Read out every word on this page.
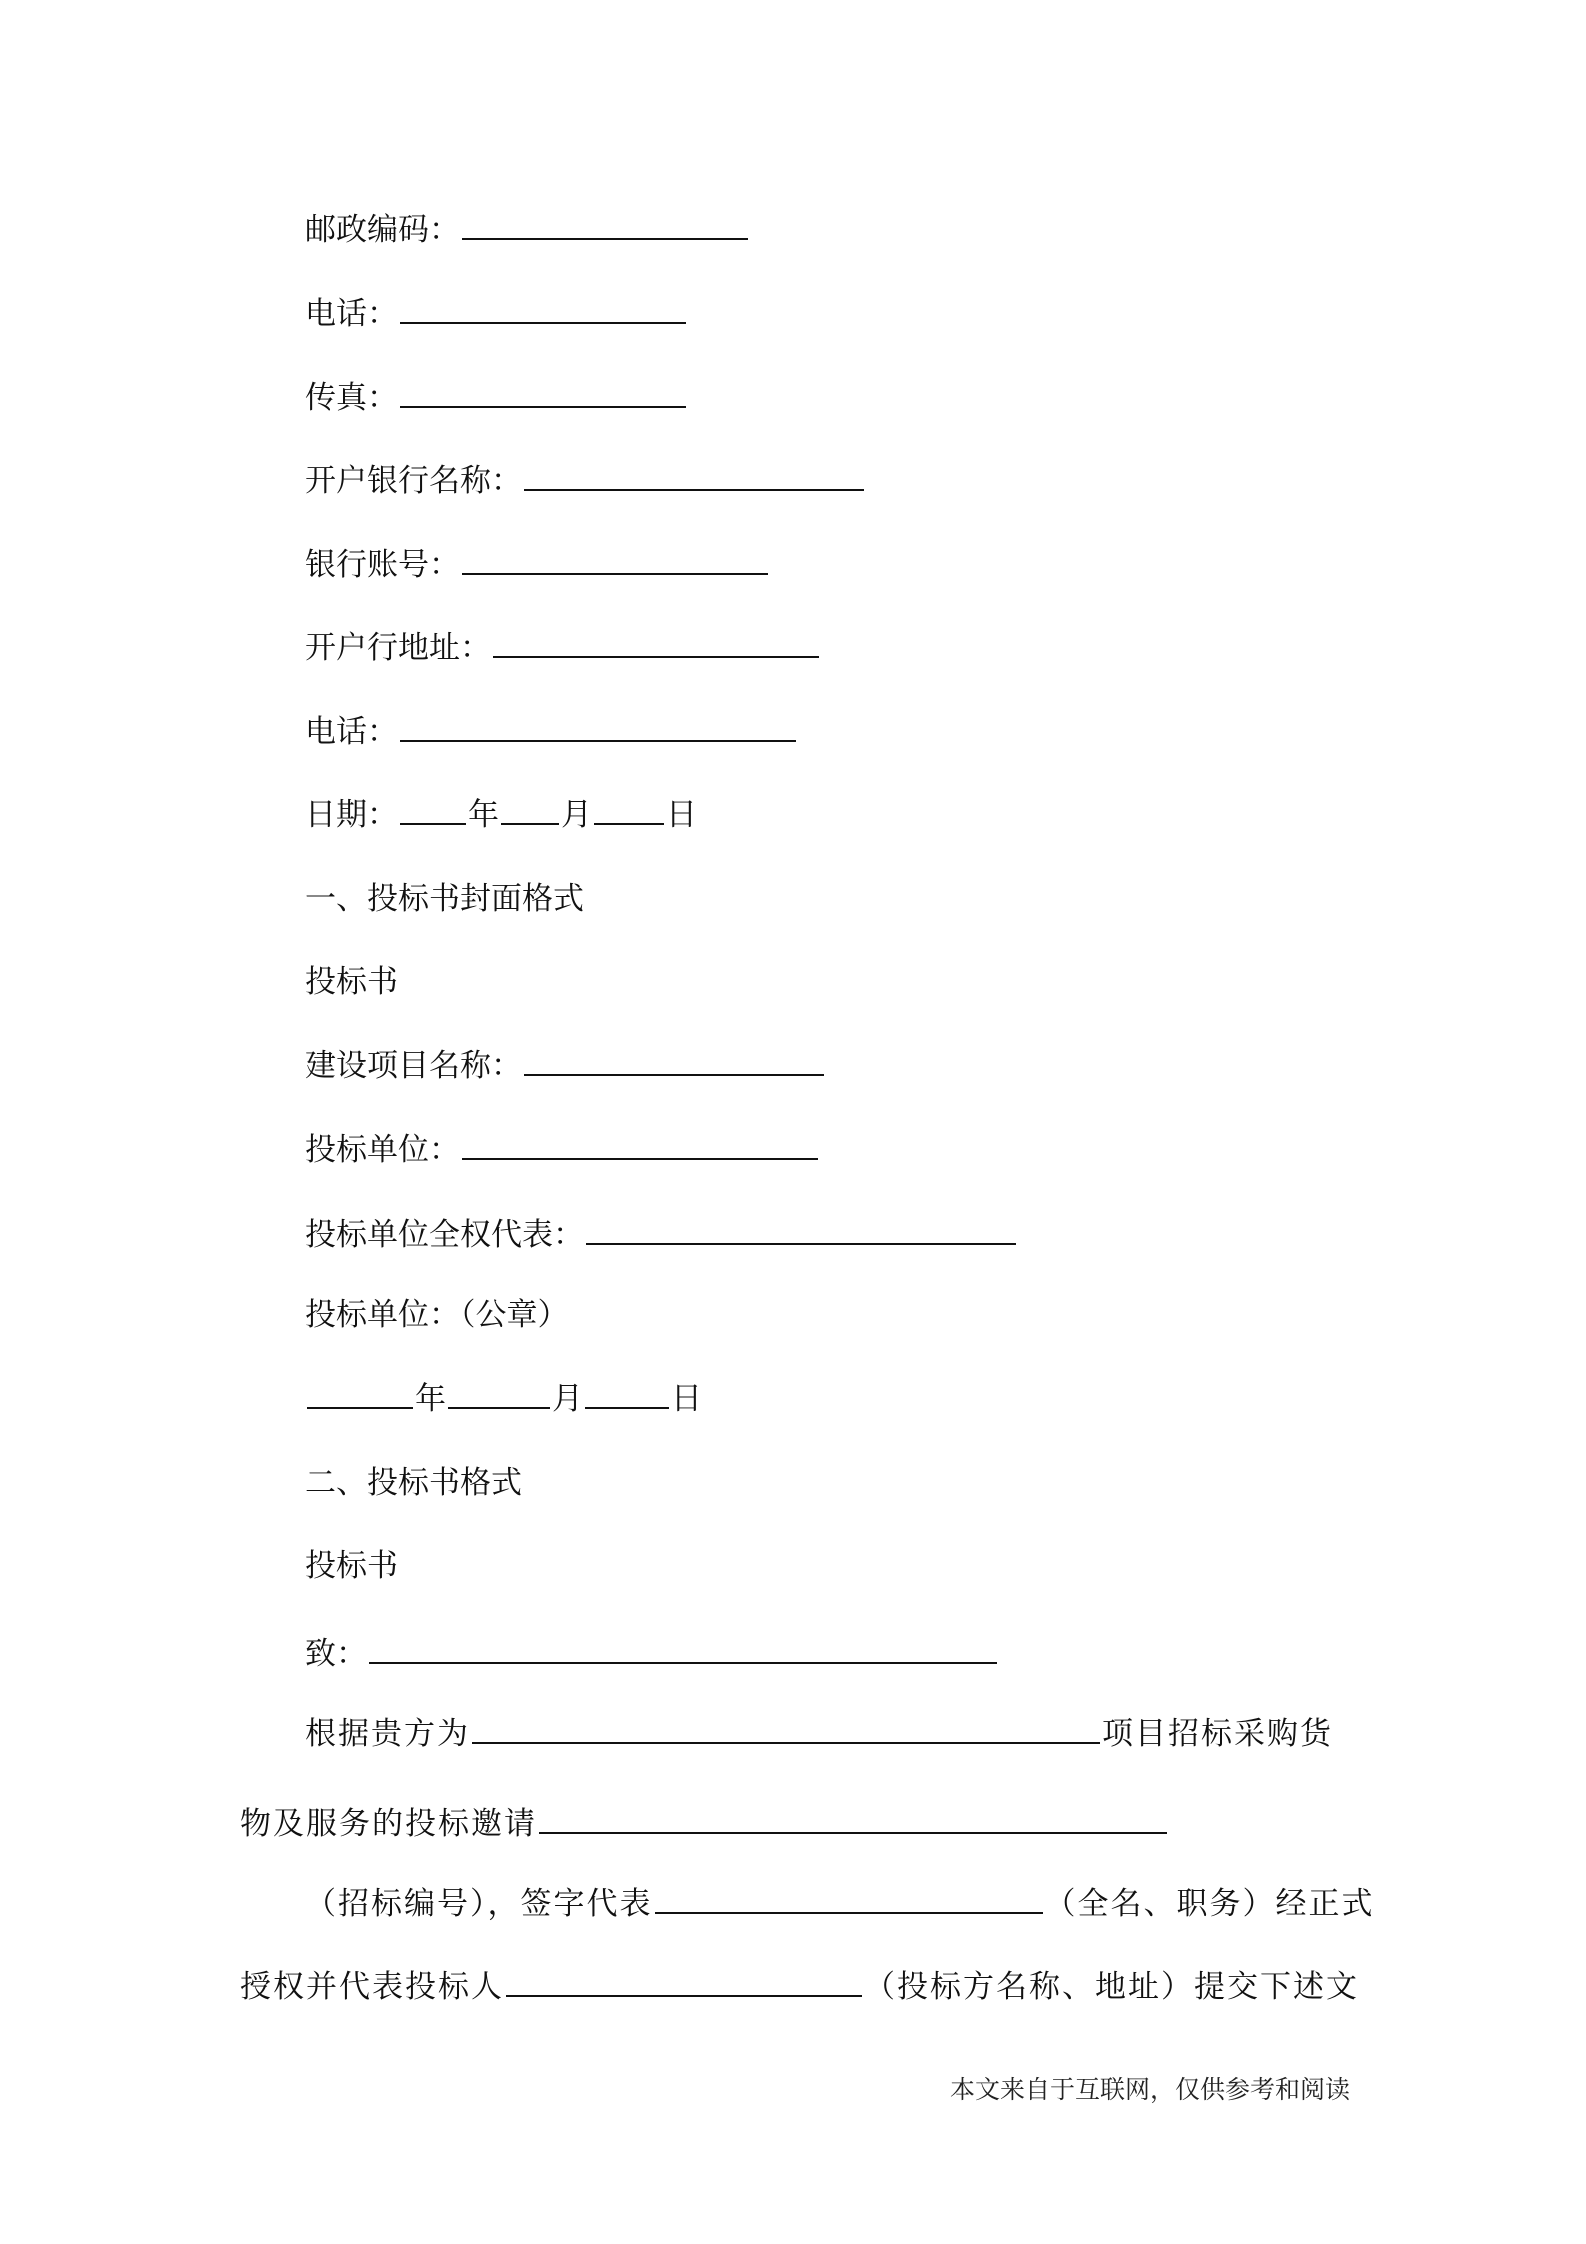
邮政编码：
电话：
传真：
开户银行名称：
银行账号：
开户行地址：
电话：
日期： 年 月 日
一、投标书封面格式
投标书
建设项目名称：
投标单位：
投标单位全权代表：
投标单位：（公章）
年	月	日
二、投标书格式
投标书
致：
根据贵方为	项目招标采购货
物及服务的投标邀请
（招标编号），签字代表	（全名、职务）经正式
授权并代表投标人	（投标方名称、地址）提交下述文
本文来自于互联网，仅供参考和阅读
